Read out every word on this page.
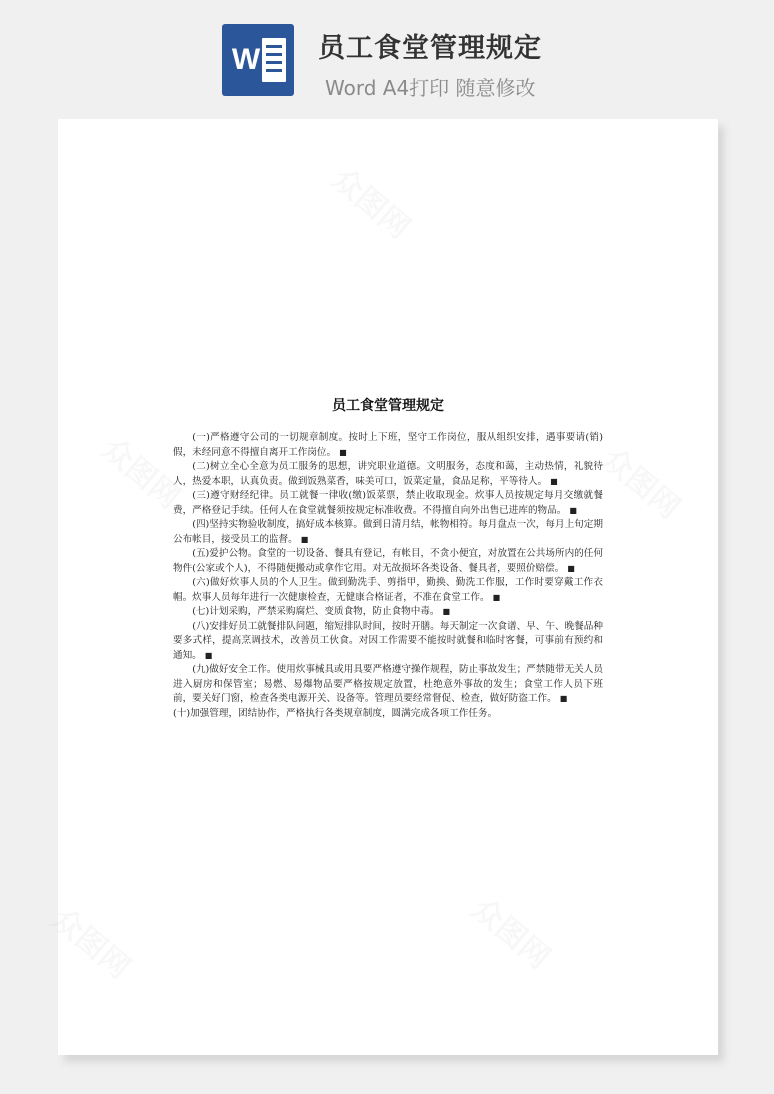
W 员工食堂管理规定
Word A4打印 随意修改
众图网	众图网
众图网	众图网
众图网
员工食堂管理规定

(一)严格遵守公司的一切规章制度。按时上下班，坚守工作岗位，服从组织安排，遇事要请(销)假，未经同意不得擅自离开工作岗位。 ■

(二)树立全心全意为员工服务的思想，讲究职业道德。文明服务，态度和蔼，主动热情，礼貌待人，热爱本职，认真负责。做到饭熟菜香，味美可口，饭菜定量，食品足称，平等待人。 ■

(三)遵守财经纪律。员工就餐一律收(缴)饭菜票，禁止收取现金。炊事人员按规定每月交缴就餐费，严格登记手续。任何人在食堂就餐须按规定标准收费。不得擅自向外出售已进库的物品。 ■

(四)坚持实物验收制度，搞好成本核算。做到日清月结，帐物相符。每月盘点一次，每月上旬定期公布帐目，接受员工的监督。 ■

(五)爱护公物。食堂的一切设备、餐具有登记，有帐目，不贪小便宜，对放置在公共场所内的任何物件(公家或个人)，不得随便搬动或拿作它用。对无故损坏各类设备、餐具者，要照价赔偿。 ■

(六)做好炊事人员的个人卫生。做到勤洗手、剪指甲，勤换、勤洗工作服，工作时要穿戴工作衣帽。炊事人员每年进行一次健康检查，无健康合格证者，不准在食堂工作。 ■

(七)计划采购，严禁采购腐烂、变质食物，防止食物中毒。 ■

(八)安排好员工就餐排队问题，缩短排队时间，按时开膳。每天制定一次食谱、早、午、晚餐品种要多式样，提高烹调技术，改善员工伙食。对因工作需要不能按时就餐和临时客餐，可事前有预约和通知。 ■

(九)做好安全工作。使用炊事械具或用具要严格遵守操作规程，防止事故发生；严禁随带无关人员进入厨房和保管室；易燃、易爆物品要严格按规定放置，杜绝意外事故的发生；食堂工作人员下班前，要关好门窗，检查各类电源开关、设备等。管理员要经常督促、检查，做好防盗工作。 ■

(十)加强管理，团结协作，严格执行各类规章制度，圆满完成各项工作任务。
